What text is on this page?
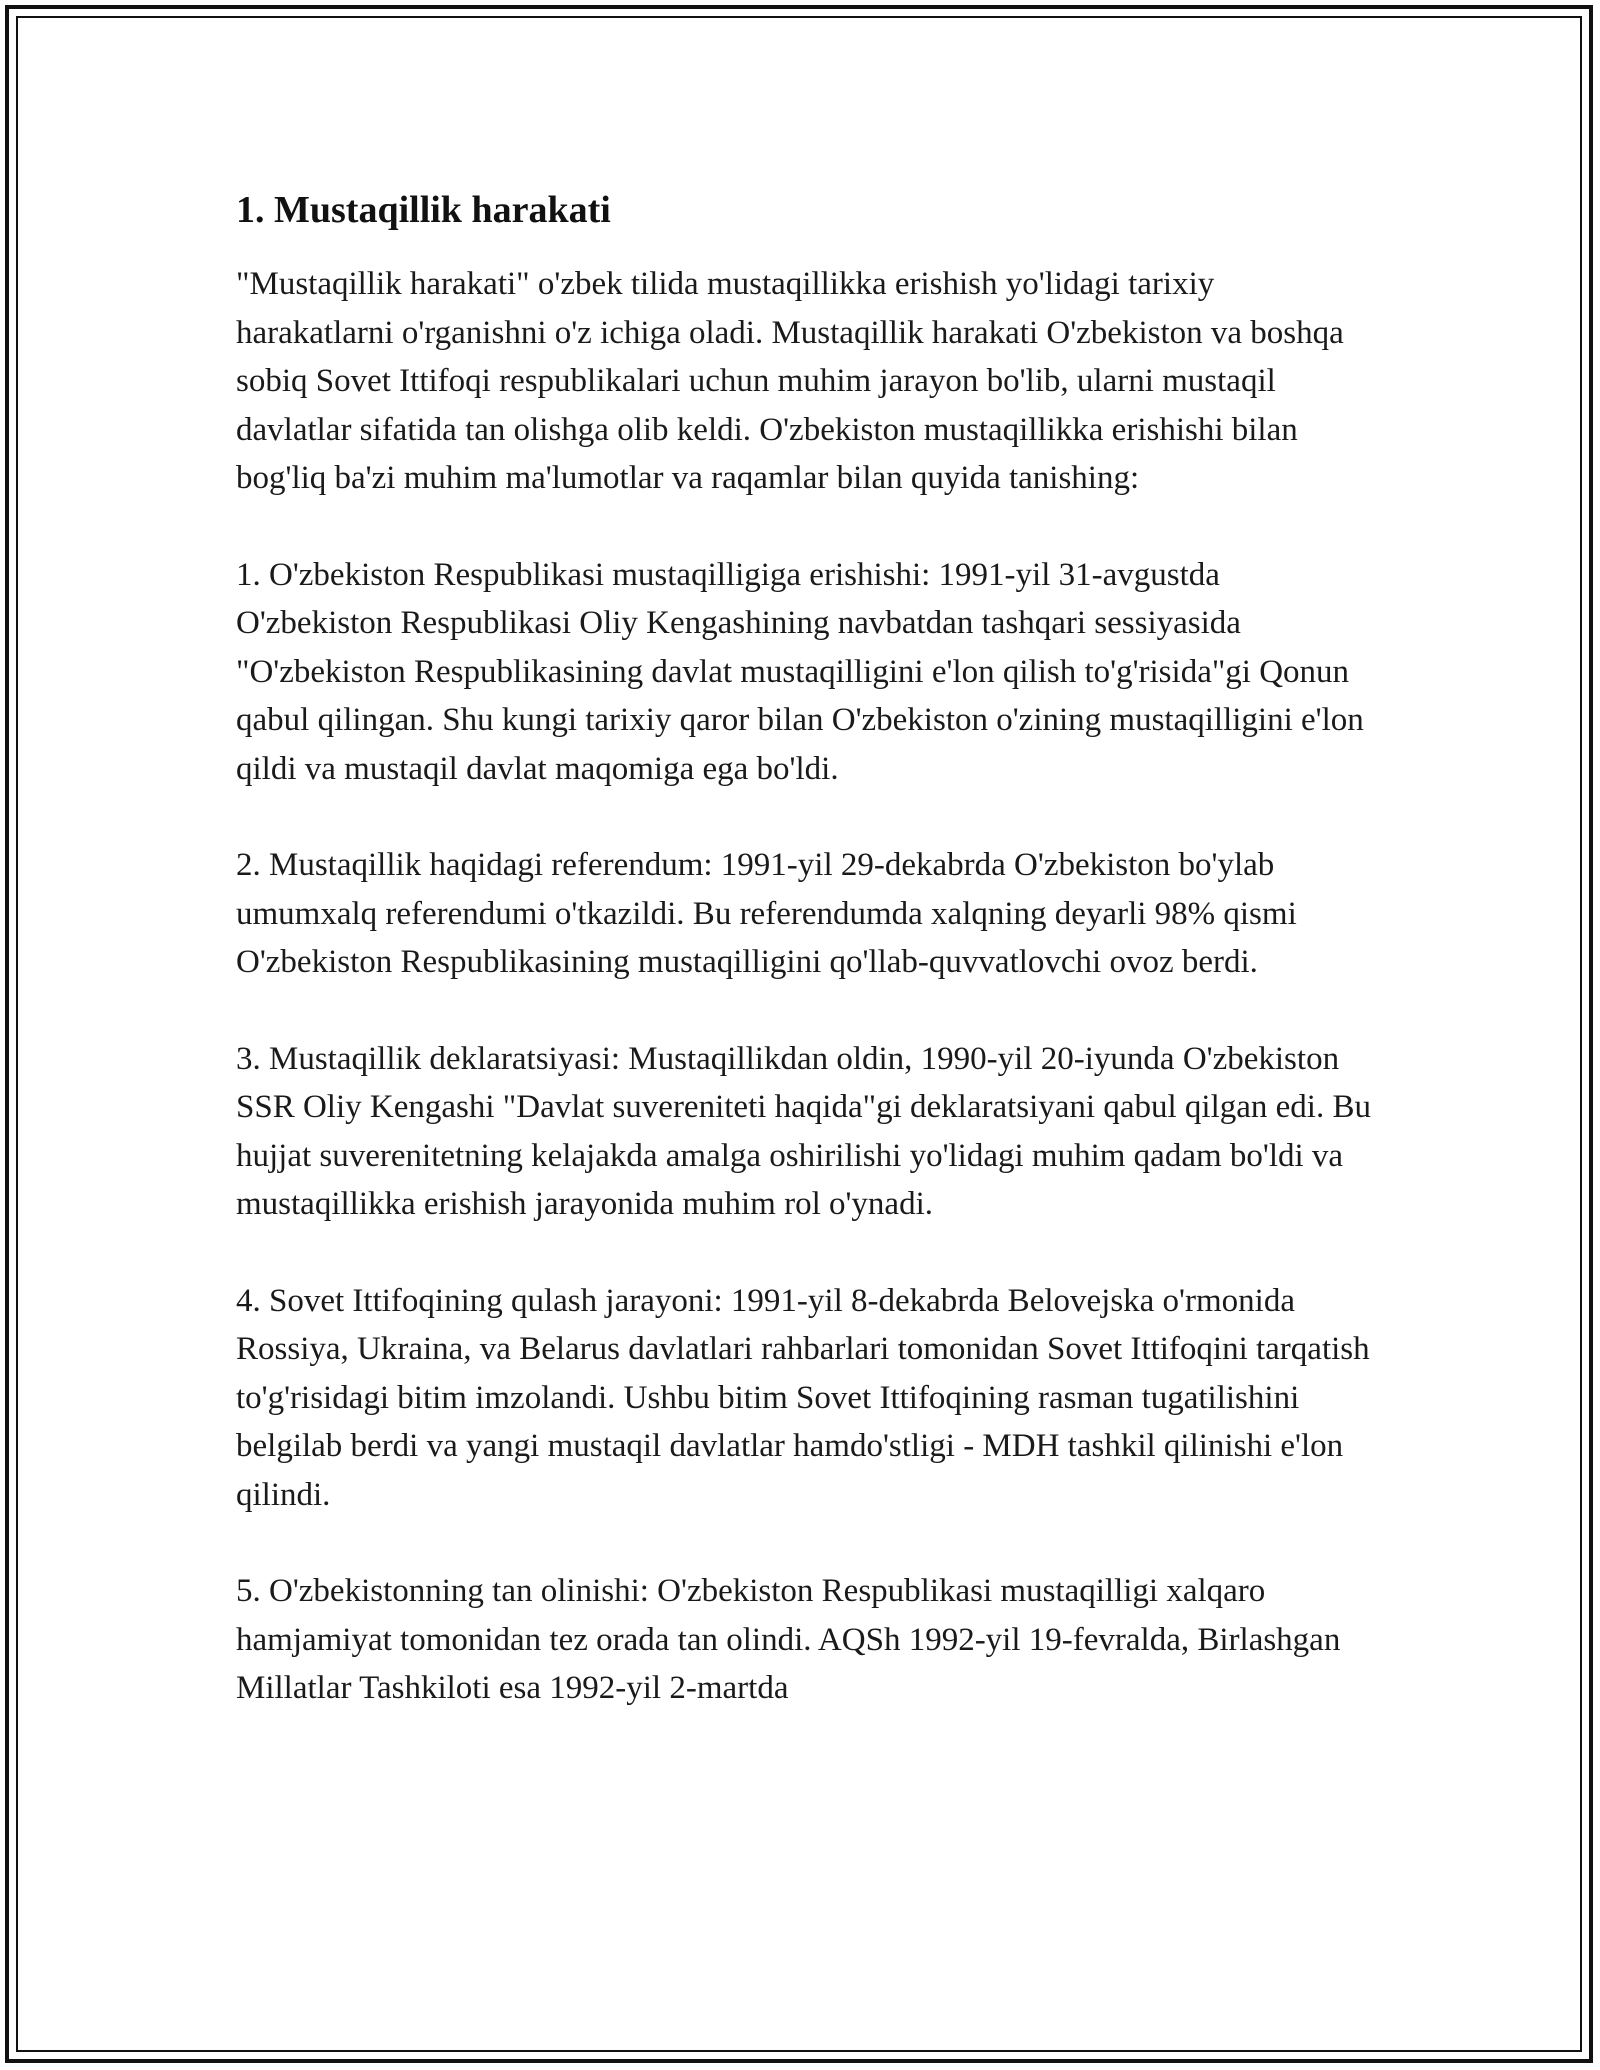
1. Mustaqillik harakati

"Mustaqillik harakati" o'zbek tilida mustaqillikka erishish yo'lidagi tarixiy harakatlarni o'rganishni o'z ichiga oladi. Mustaqillik harakati O'zbekiston va boshqa sobiq Sovet Ittifoqi respublikalari uchun muhim jarayon bo'lib, ularni mustaqil davlatlar sifatida tan olishga olib keldi. O'zbekiston mustaqillikka erishishi bilan bog'liq ba'zi muhim ma'lumotlar va raqamlar bilan quyida tanishing:

1. O'zbekiston Respublikasi mustaqilligiga erishishi: 1991-yil 31-avgustda O'zbekiston Respublikasi Oliy Kengashining navbatdan tashqari sessiyasida "O'zbekiston Respublikasining davlat mustaqilligini e'lon qilish to'g'risida"gi Qonun qabul qilingan. Shu kungi tarixiy qaror bilan O'zbekiston o'zining mustaqilligini e'lon qildi va mustaqil davlat maqomiga ega bo'ldi.

2. Mustaqillik haqidagi referendum: 1991-yil 29-dekabrda O'zbekiston bo'ylab umumxalq referendumi o'tkazildi. Bu referendumda xalqning deyarli 98% qismi O'zbekiston Respublikasining mustaqilligini qo'llab-quvvatlovchi ovoz berdi.

3. Mustaqillik deklaratsiyasi: Mustaqillikdan oldin, 1990-yil 20-iyunda O'zbekiston SSR Oliy Kengashi "Davlat suvereniteti haqida"gi deklaratsiyani qabul qilgan edi. Bu hujjat suverenitetning kelajakda amalga oshirilishi yo'lidagi muhim qadam bo'ldi va mustaqillikka erishish jarayonida muhim rol o'ynadi.

4. Sovet Ittifoqining qulash jarayoni: 1991-yil 8-dekabrda Belovejska o'rmonida Rossiya, Ukraina, va Belarus davlatlari rahbarlari tomonidan Sovet Ittifoqini tarqatish to'g'risidagi bitim imzolandi. Ushbu bitim Sovet Ittifoqining rasman tugatilishini belgilab berdi va yangi mustaqil davlatlar hamdo'stligi - MDH tashkil qilinishi e'lon qilindi.

5. O'zbekistonning tan olinishi: O'zbekiston Respublikasi mustaqilligi xalqaro hamjamiyat tomonidan tez orada tan olindi. AQSh 1992-yil 19-fevralda, Birlashgan Millatlar Tashkiloti esa 1992-yil 2-martda
